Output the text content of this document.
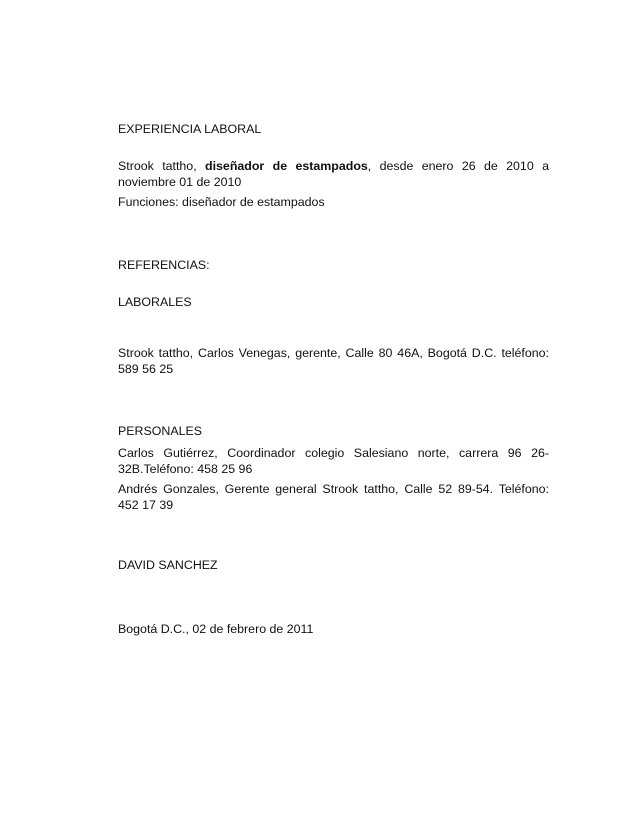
EXPERIENCIA LABORAL

Strook tattho, diseñador de estampados, desde enero 26 de 2010 a noviembre 01 de 2010

Funciones: diseñador de estampados

REFERENCIAS:

LABORALES

Strook tattho, Carlos Venegas, gerente, Calle 80 46A, Bogotá D.C. teléfono: 589 56 25

PERSONALES

Carlos Gutiérrez, Coordinador colegio Salesiano norte, carrera 96 26-32B.Teléfono: 458 25 96

Andrés Gonzales, Gerente general Strook tattho, Calle 52 89-54. Teléfono: 452 17 39

DAVID SANCHEZ

Bogotá D.C., 02 de febrero de 2011
